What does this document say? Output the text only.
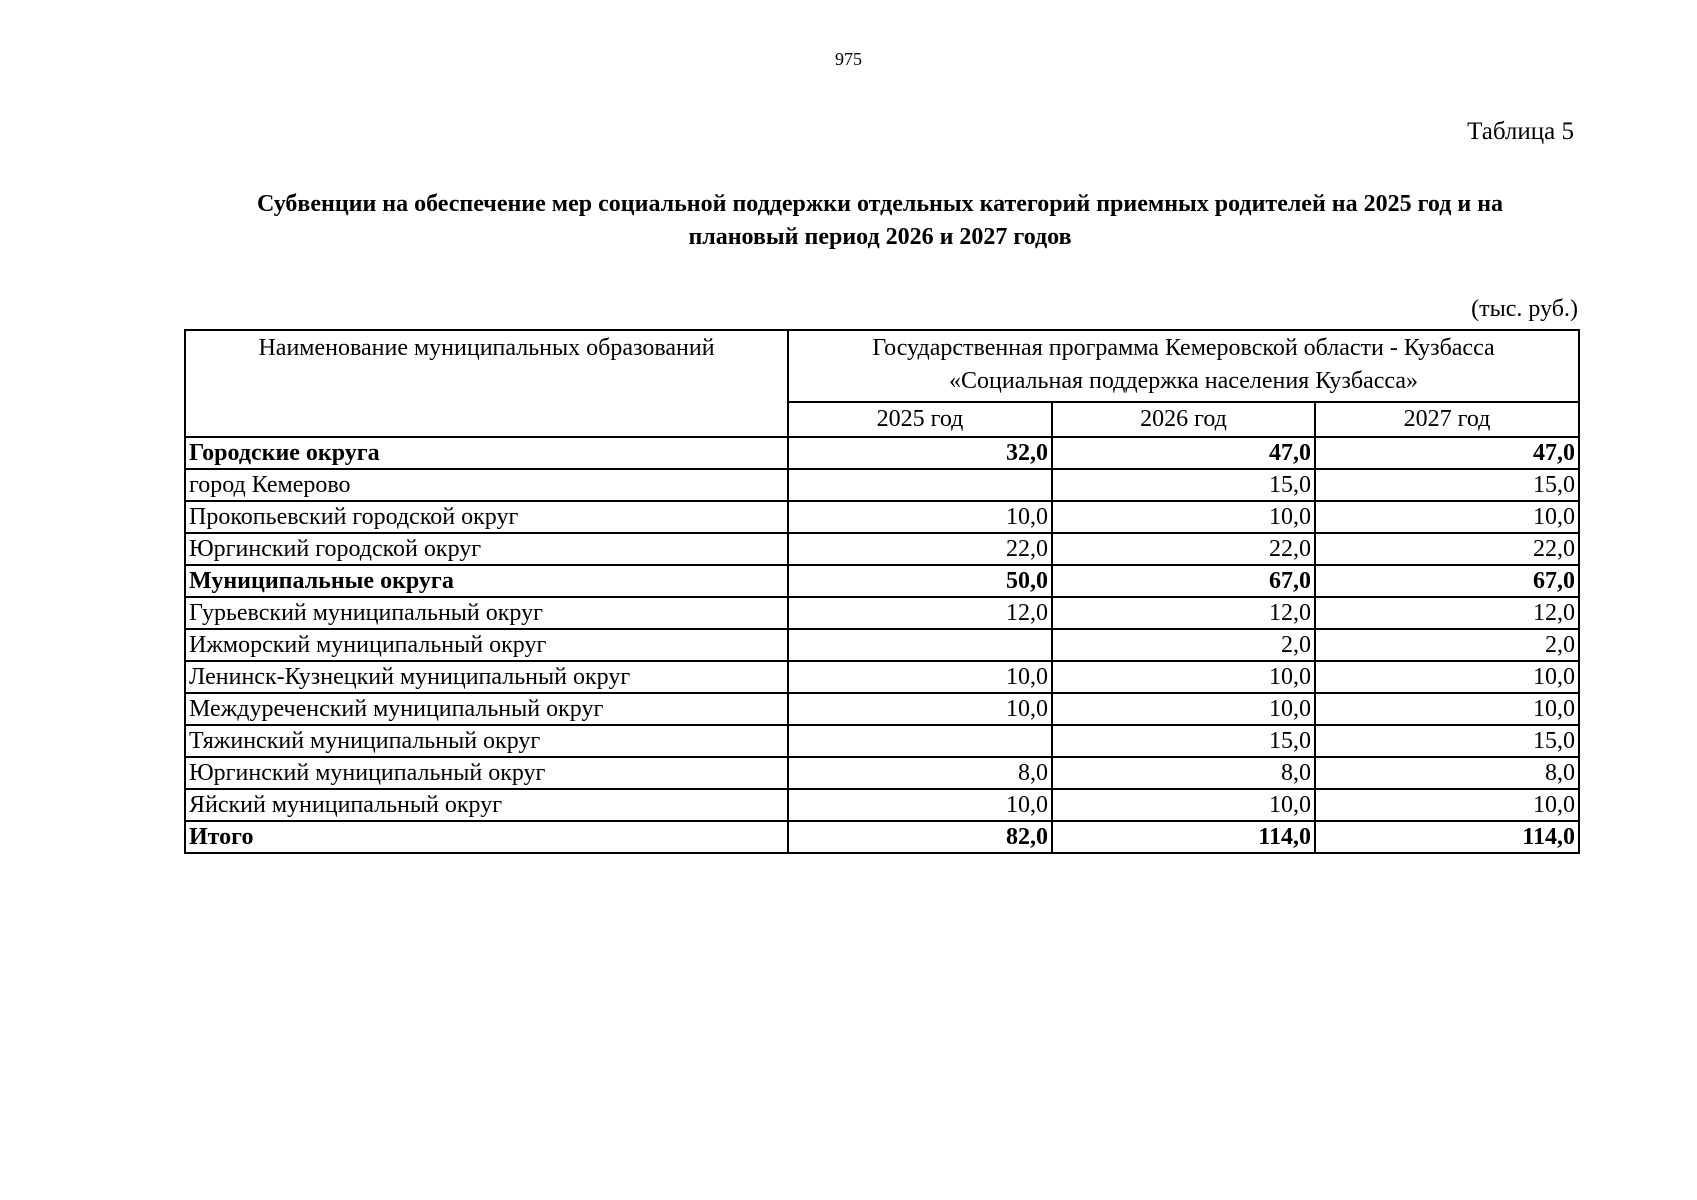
975
Таблица 5
Субвенции на обеспечение мер социальной поддержки отдельных категорий приемных родителей на 2025 год и на
плановый период 2026 и 2027 годов
(тыс. руб.)
Наименование муниципальных образований	Государственная программа Кемеровской области - Кузбасса
«Социальная поддержка населения Кузбасса»		

	2025 год	2026 год	2027 год
Городские округа	32,0	47,0	47,0
город Кемерово		15,0	15,0
Прокопьевский городской округ	10,0	10,0	10,0
Юргинский городской округ	22,0	22,0	22,0
Муниципальные округа	50,0	67,0	67,0
Гурьевский муниципальный округ	12,0	12,0	12,0
Ижморский муниципальный округ		2,0	2,0
Ленинск-Кузнецкий муниципальный округ	10,0	10,0	10,0
Междуреченский муниципальный округ	10,0	10,0	10,0
Тяжинский муниципальный округ		15,0	15,0
Юргинский муниципальный округ	8,0	8,0	8,0
Яйский муниципальный округ	10,0	10,0	10,0
Итого	82,0	114,0	114,0
